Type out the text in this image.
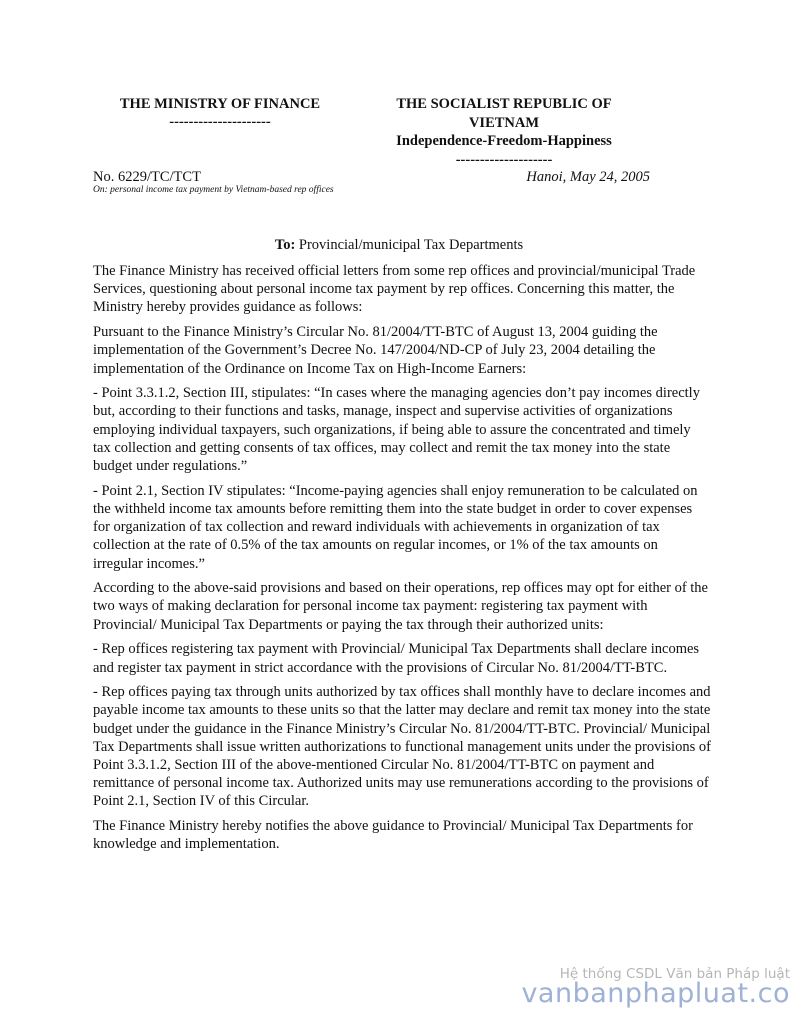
THE MINISTRY OF FINANCE
---------------------
THE SOCIALIST REPUBLIC OF
VIETNAM
Independence-Freedom-Happiness
--------------------
No. 6229/TC/TCT	Hanoi, May 24, 2005
On: personal income tax payment by Vietnam-based rep offices
To: Provincial/municipal Tax Departments

The Finance Ministry has received official letters from some rep offices and provincial/municipal Trade Services, questioning about personal income tax payment by rep offices. Concerning this matter, the Ministry hereby provides guidance as follows:

Pursuant to the Finance Ministry’s Circular No. 81/2004/TT-BTC of August 13, 2004 guiding the implementation of the Government’s Decree No. 147/2004/ND-CP of July 23, 2004 detailing the implementation of the Ordinance on Income Tax on High-Income Earners:

- Point 3.3.1.2, Section III, stipulates: “In cases where the managing agencies don’t pay incomes directly but, according to their functions and tasks, manage, inspect and supervise activities of organizations employing individual taxpayers, such organizations, if being able to assure the concentrated and timely tax collection and getting consents of tax offices, may collect and remit the tax money into the state budget under regulations.”

- Point 2.1, Section IV stipulates: “Income-paying agencies shall enjoy remuneration to be calculated on the withheld income tax amounts before remitting them into the state budget in order to cover expenses for organization of tax collection and reward individuals with achievements in organization of tax collection at the rate of 0.5% of the tax amounts on regular incomes, or 1% of the tax amounts on irregular incomes.”

According to the above-said provisions and based on their operations, rep offices may opt for either of the two ways of making declaration for personal income tax payment: registering tax payment with Provincial/ Municipal Tax Departments or paying the tax through their authorized units:

- Rep offices registering tax payment with Provincial/ Municipal Tax Departments shall declare incomes and register tax payment in strict accordance with the provisions of Circular No. 81/2004/TT-BTC.

- Rep offices paying tax through units authorized by tax offices shall monthly have to declare incomes and payable income tax amounts to these units so that the latter may declare and remit tax money into the state budget under the guidance in the Finance Ministry’s Circular No. 81/2004/TT-BTC. Provincial/ Municipal Tax Departments shall issue written authorizations to functional management units under the provisions of Point 3.3.1.2, Section III of the above-mentioned Circular No. 81/2004/TT-BTC on payment and remittance of personal income tax. Authorized units may use remunerations according to the provisions of Point 2.1, Section IV of this Circular.

The Finance Ministry hereby notifies the above guidance to Provincial/ Municipal Tax Departments for knowledge and implementation.

Hệ thống CSDL Văn bản Pháp luật
vanbanphapluat.co
